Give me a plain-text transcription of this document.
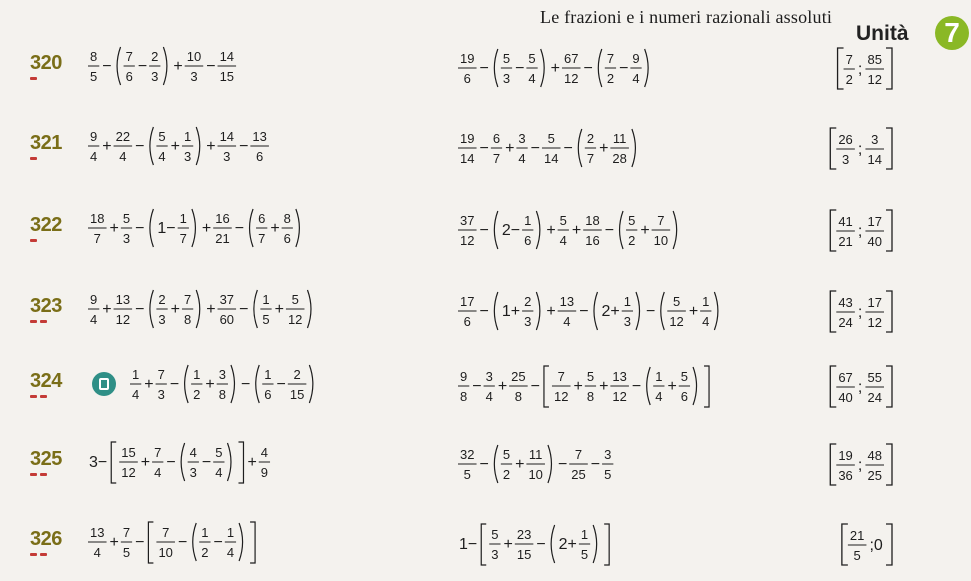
Le frazioni e i numeri razionali assoluti
Unità	7
320
321
322
323
324
325
326
8
5
−
7
6
−
2
3
+
10
3
−
14
15
19
6
−
5
3
−
5
4
+
67
12
−
7
2
−
9
4
7
2
;
85
12
9
4
+
22
4
−
5
4
+
1
3
+
14
3
−
13
6
19
14
−
6
7
+
3
4
−
5
14
−
2
7
+
11
28
26
3
;
3
14
18
7
+
5
3
− 1−
1
7
+
16
21
−
6
7
+
8
6
37
12
− 2−
1
6
+
5
4
+
18
16
−
5
2
+
7
10
41
21
;
17
40
9
4
+
13
12
−
2
3
+
7
8
+
37
60
−
1
5
+
5
12
17
6
− 1+
2
3
+
13
4
− 2+
1
3
−
5
12
+
1
4
43
24
;
17
12
1
4
+
7
3
−
1
2
+
3
8
−
1
6
−
2
15
9
8
−
3
4
+
25
8
−
7
12
+
5
8
+
13
12
−
1
4
+
5
6
67
40
;
55
24
3−
15
12
+
7
4
−
4
3
−
5
4
+
4
9
32
5
−
5
2
+
11
10
−
7
25
−
3
5
19
36
;
48
25
13
4
+
7
5
−
7
10
−
1
2
−
1
4	1−
5
3
+
23
15
− 2+
1
5
21
5
;0
